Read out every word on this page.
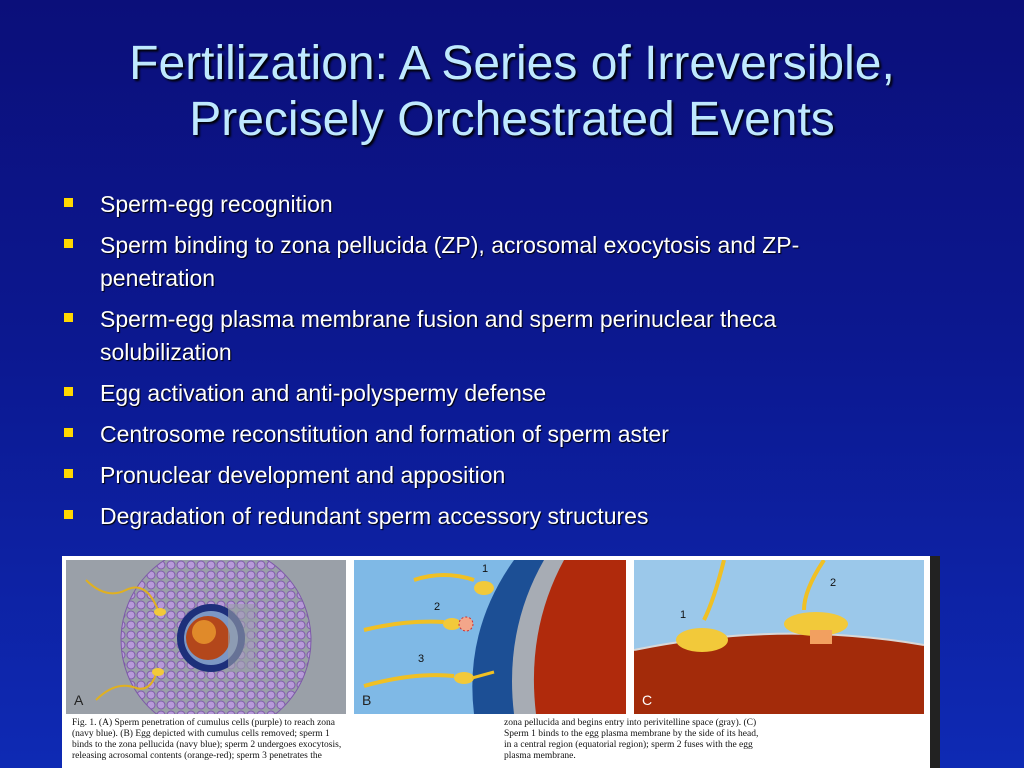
Fertilization: A Series of Irreversible,
Precisely Orchestrated Events
Sperm-egg recognition
Sperm binding to zona pellucida (ZP), acrosomal exocytosis and ZP-
penetration
Sperm-egg plasma membrane fusion and sperm perinuclear theca
solubilization
Egg activation and anti-polyspermy defense
Centrosome reconstitution and formation of sperm aster
Pronuclear development and apposition
Degradation of redundant sperm accessory structures
A
1
2
3
B
1
2
C
Fig. 1. (A) Sperm penetration of cumulus cells (purple) to reach zona
(navy blue). (B) Egg depicted with cumulus cells removed; sperm 1
binds to the zona pellucida (navy blue); sperm 2 undergoes exocytosis,
releasing acrosomal contents (orange-red); sperm 3 penetrates the
zona pellucida and begins entry into perivitelline space (gray). (C)
Sperm 1 binds to the egg plasma membrane by the side of its head,
in a central region (equatorial region); sperm 2 fuses with the egg
plasma membrane.
